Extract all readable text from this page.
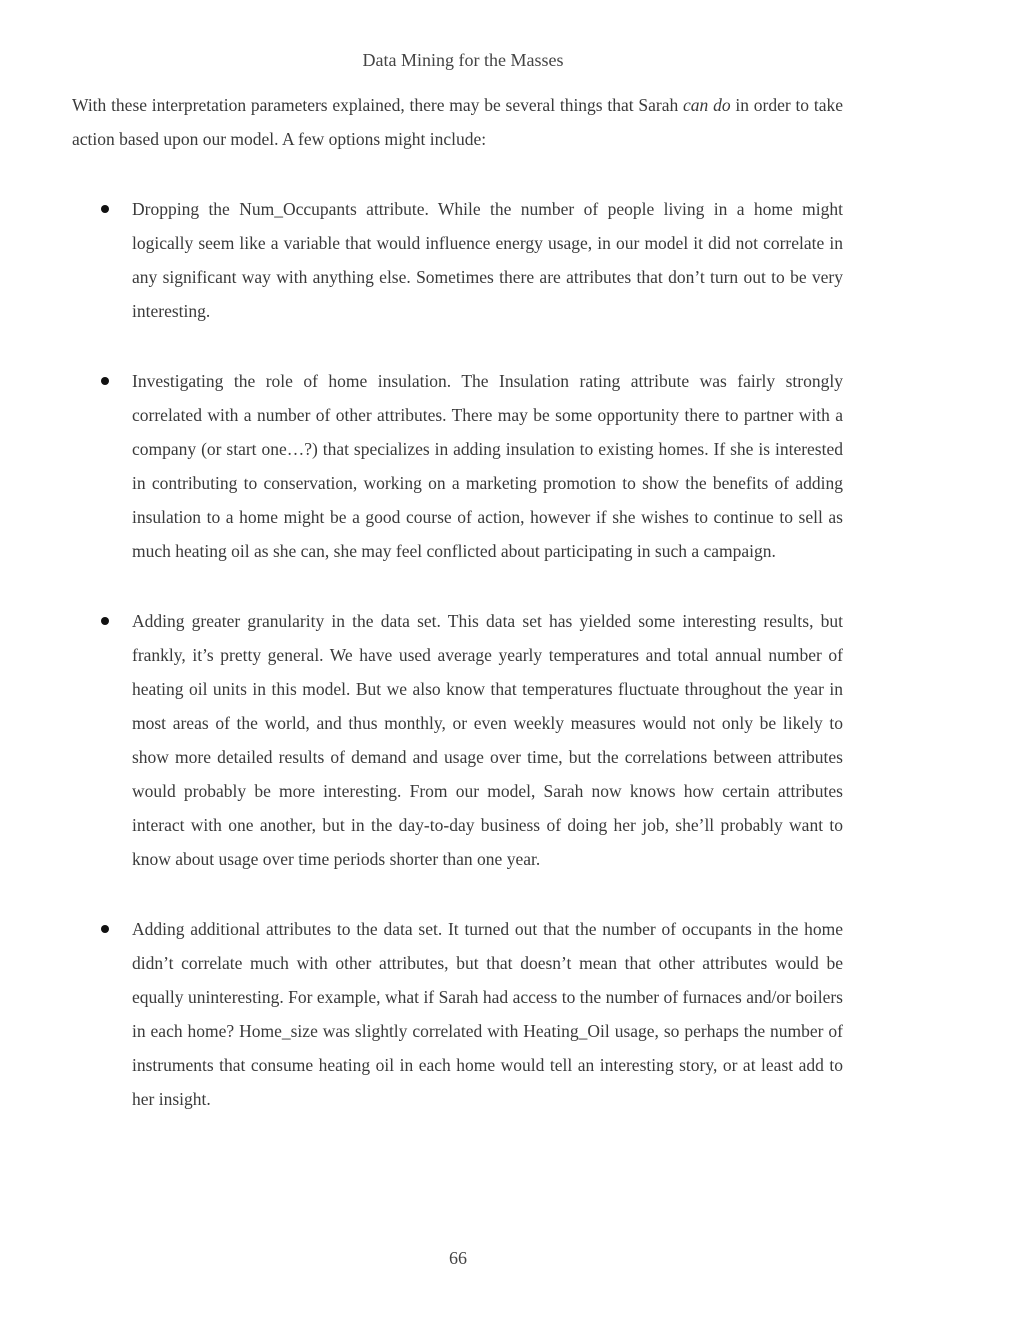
Data Mining for the Masses

With these interpretation parameters explained, there may be several things that Sarah can do in order to take action based upon our model. A few options might include:

Dropping the Num_Occupants attribute. While the number of people living in a home might logically seem like a variable that would influence energy usage, in our model it did not correlate in any significant way with anything else. Sometimes there are attributes that don’t turn out to be very interesting.

Investigating the role of home insulation. The Insulation rating attribute was fairly strongly correlated with a number of other attributes. There may be some opportunity there to partner with a company (or start one…?) that specializes in adding insulation to existing homes. If she is interested in contributing to conservation, working on a marketing promotion to show the benefits of adding insulation to a home might be a good course of action, however if she wishes to continue to sell as much heating oil as she can, she may feel conflicted about participating in such a campaign.

Adding greater granularity in the data set. This data set has yielded some interesting results, but frankly, it’s pretty general. We have used average yearly temperatures and total annual number of heating oil units in this model. But we also know that temperatures fluctuate throughout the year in most areas of the world, and thus monthly, or even weekly measures would not only be likely to show more detailed results of demand and usage over time, but the correlations between attributes would probably be more interesting. From our model, Sarah now knows how certain attributes interact with one another, but in the day-to-day business of doing her job, she’ll probably want to know about usage over time periods shorter than one year.

Adding additional attributes to the data set. It turned out that the number of occupants in the home didn’t correlate much with other attributes, but that doesn’t mean that other attributes would be equally uninteresting. For example, what if Sarah had access to the number of furnaces and/or boilers in each home? Home_size was slightly correlated with Heating_Oil usage, so perhaps the number of instruments that consume heating oil in each home would tell an interesting story, or at least add to her insight.

66
